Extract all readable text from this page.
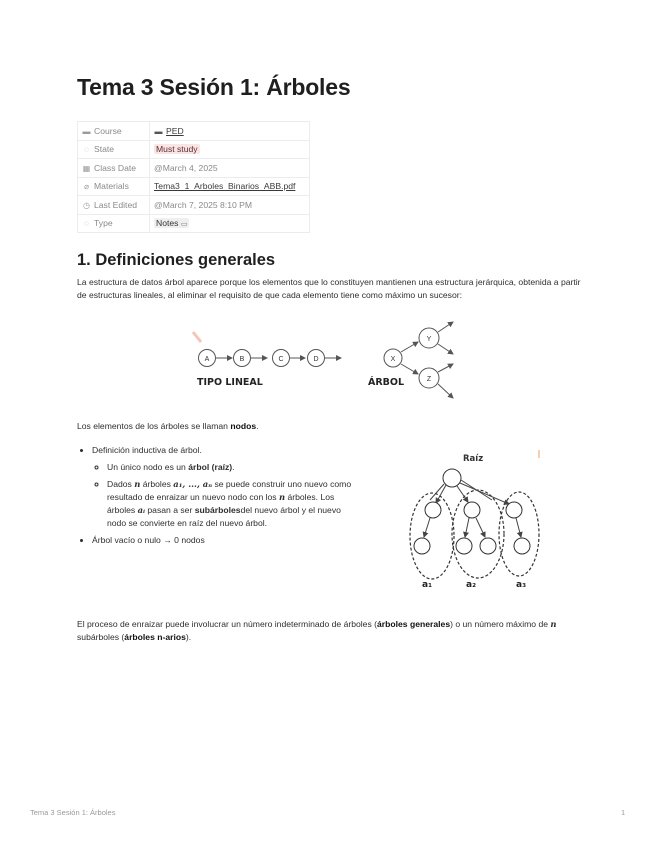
Tema 3 Sesión 1: Árboles
▬ Course	▬ PED
◌ State	Must study
▦ Class Date	@March 4, 2025
⌀ Materials	Tema3_1_Arboles_Binarios_ABB.pdf
◷ Last Edited	@March 7, 2025 8:10 PM
◌ Type	Notes ▭
1. Definiciones generales

La estructura de datos árbol aparece porque los elementos que lo constituyen mantienen una estructura jerárquica, obtenida a partir de estructuras lineales, al eliminar el requisito de que cada elemento tiene como máximo un sucesor:

A	B	C	D
TIPO LINEAL
X
Y
Z
ÁRBOL

Los elementos de los árboles se llaman nodos.

• Definición inductiva de árbol.
◦ Un único nodo es un árbol (raíz).
◦ Dados n árboles a₁, ..., aₙ se puede construir uno nuevo como resultado de enraizar un nuevo nodo con los n árboles. Los árboles aᵢ pasan a ser subárbolesdel nuevo árbol y el nuevo nodo se convierte en raíz del nuevo árbol.
• Árbol vacío o nulo → 0 nodos
Raíz
a₁	a₂	a₃

El proceso de enraizar puede involucrar un número indeterminado de árboles (árboles generales) o un número máximo de n subárboles (árboles n-arios).

Tema 3 Sesión 1: Árboles	1
